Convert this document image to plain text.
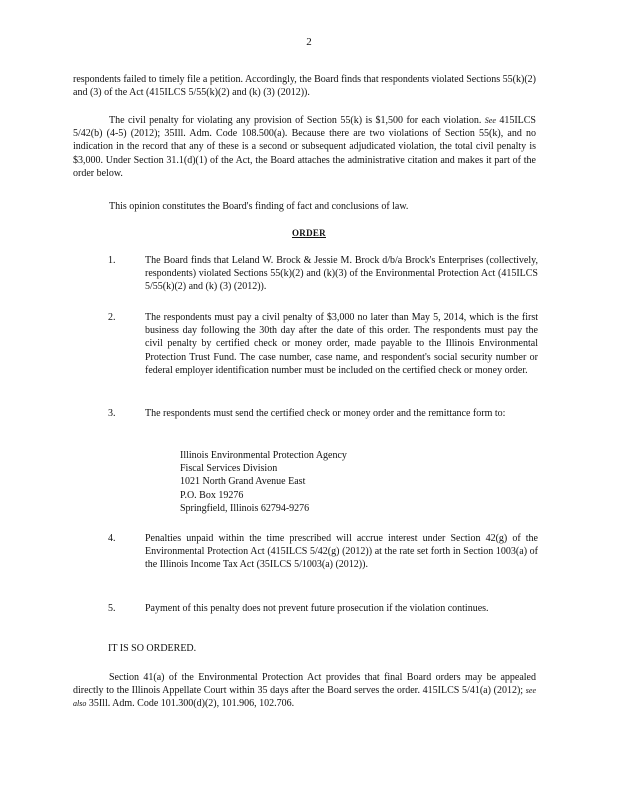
2

respondents failed to timely file a petition. Accordingly, the Board finds that respondents violated Sections 55(k)(2) and (3) of the Act (415ILCS 5/55(k)(2) and (k) (3) (2012)).

The civil penalty for violating any provision of Section 55(k) is $1,500 for each violation. See 415ILCS 5/42(b) (4-5) (2012); 35Ill. Adm. Code 108.500(a). Because there are two violations of Section 55(k), and no indication in the record that any of these is a second or subsequent adjudicated violation, the total civil penalty is $3,000. Under Section 31.1(d)(1) of the Act, the Board attaches the administrative citation and makes it part of the order below.

This opinion constitutes the Board's finding of fact and conclusions of law.

ORDER
1.	The Board finds that Leland W. Brock & Jessie M. Brock d/b/a Brock's Enterprises (collectively, respondents) violated Sections 55(k)(2) and (k)(3) of the Environmental Protection Act (415ILCS 5/55(k)(2) and (k) (3) (2012)).
2.	The respondents must pay a civil penalty of $3,000 no later than May 5, 2014, which is the first business day following the 30th day after the date of this order. The respondents must pay the civil penalty by certified check or money order, made payable to the Illinois Environmental Protection Trust Fund. The case number, case name, and respondent's social security number or federal employer identification number must be included on the certified check or money order.
3.	The respondents must send the certified check or money order and the remittance form to:
Illinois Environmental Protection Agency
Fiscal Services Division
1021 North Grand Avenue East
P.O. Box 19276
Springfield, Illinois 62794-9276
4.	Penalties unpaid within the time prescribed will accrue interest under Section 42(g) of the Environmental Protection Act (415ILCS 5/42(g) (2012)) at the rate set forth in Section 1003(a) of the Illinois Income Tax Act (35ILCS 5/1003(a) (2012)).
5.	Payment of this penalty does not prevent future prosecution if the violation continues.

IT IS SO ORDERED.

Section 41(a) of the Environmental Protection Act provides that final Board orders may be appealed directly to the Illinois Appellate Court within 35 days after the Board serves the order. 415ILCS 5/41(a) (2012); see also 35Ill. Adm. Code 101.300(d)(2), 101.906, 102.706.
